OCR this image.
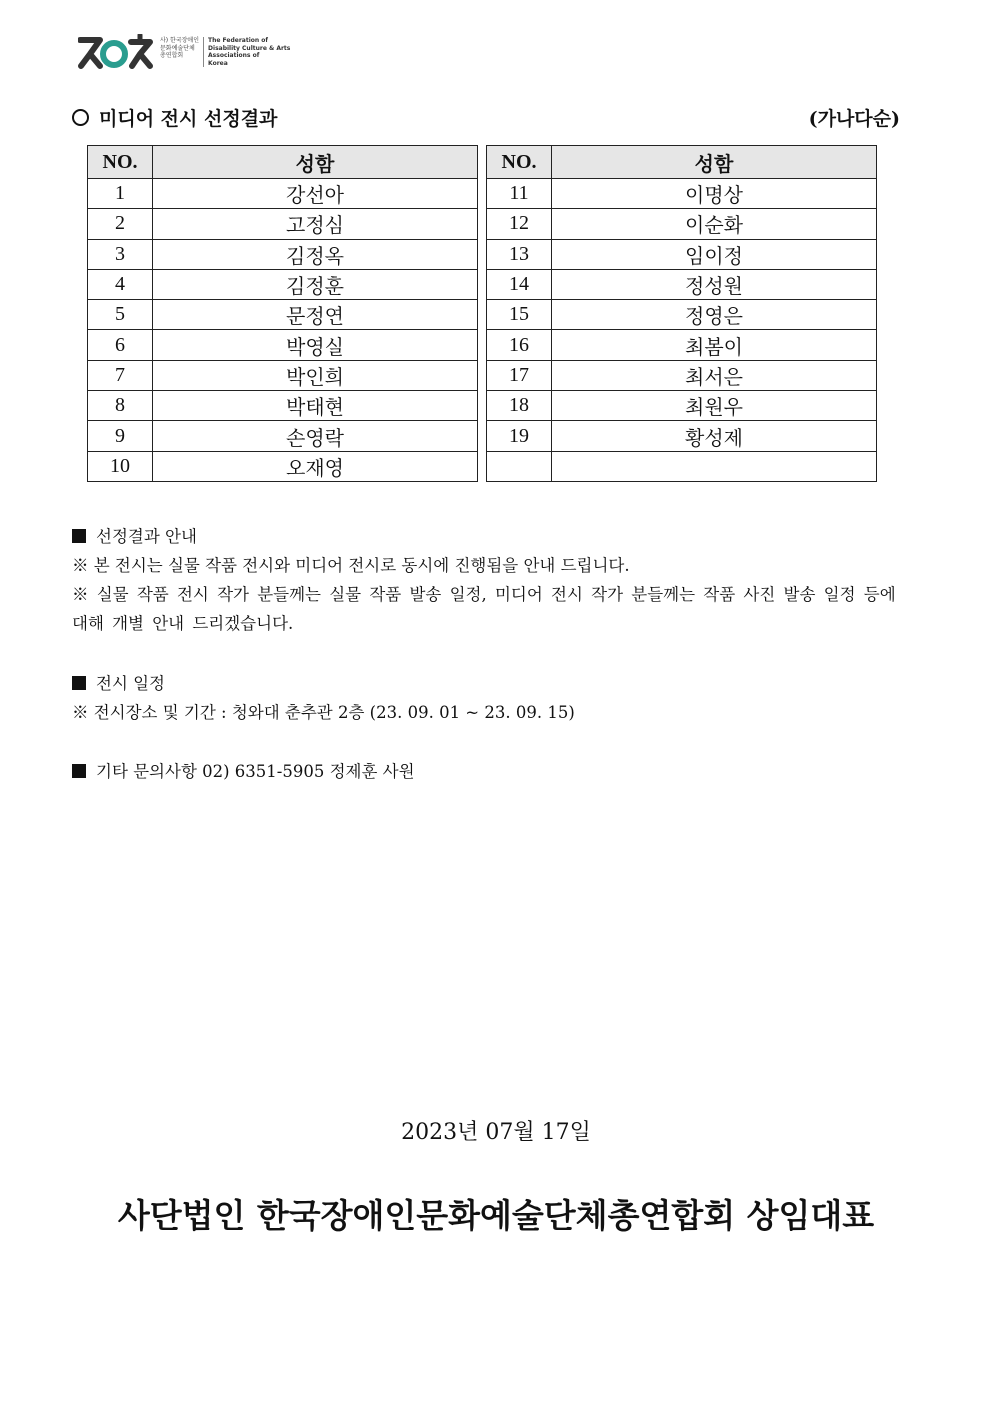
사) 한국장애인
문화예술단체
총연합회
The Federation of
Disability Culture & Arts
Associations of
Korea
미디어 전시 선정결과	(가나다순)
NO.	성함
1	강선아
2	고정심
3	김정옥
4	김정훈
5	문정연
6	박영실
7	박인희
8	박태현
9	손영락
10	오재영
NO.	성함
11	이명상
12	이순화
13	임이정
14	정성원
15	정영은
16	최봄이
17	최서은
18	최원우
19	황성제

선정결과 안내
※ 본 전시는 실물 작품 전시와 미디어 전시로 동시에 진행됨을 안내 드립니다.
※ 실물 작품 전시 작가 분들께는 실물 작품 발송 일정, 미디어 전시 작가 분들께는 작품 사진 발송 일정 등에 대해 개별 안내 드리겠습니다.
전시 일정
※ 전시장소 및 기간 : 청와대 춘추관 2층 (23. 09. 01 ~ 23. 09. 15)
기타 문의사항 02) 6351-5905 정제훈 사원
2023년 07월 17일
사단법인 한국장애인문화예술단체총연합회 상임대표
